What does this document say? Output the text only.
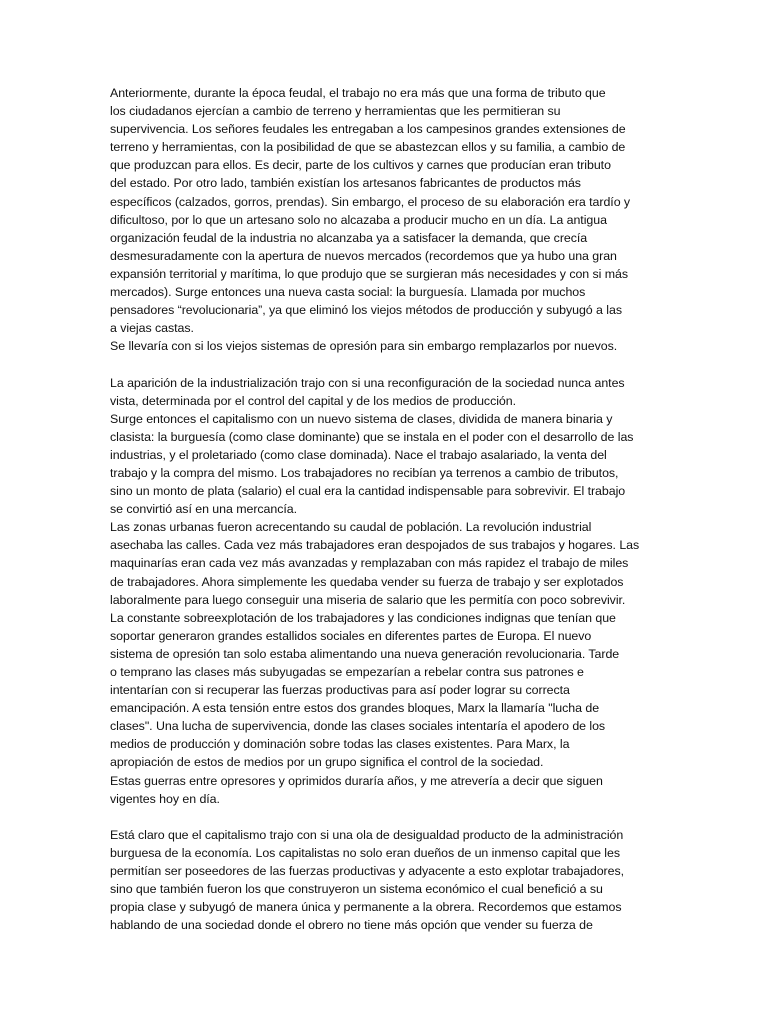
Anteriormente, durante la época feudal, el trabajo no era más que una forma de tributo que
los ciudadanos ejercían a cambio de terreno y herramientas que les permitieran su
supervivencia. Los señores feudales les entregaban a los campesinos grandes extensiones de
terreno y herramientas, con la posibilidad de que se abastezcan ellos y su familia, a cambio de
que produzcan para ellos. Es decir, parte de los cultivos y carnes que producían eran tributo
del estado. Por otro lado, también existían los artesanos fabricantes de productos más
específicos (calzados, gorros, prendas). Sin embargo, el proceso de su elaboración era tardío y
dificultoso, por lo que un artesano solo no alcazaba a producir mucho en un día. La antigua
organización feudal de la industria no alcanzaba ya a satisfacer la demanda, que crecía
desmesuradamente con la apertura de nuevos mercados (recordemos que ya hubo una gran
expansión territorial y marítima, lo que produjo que se surgieran más necesidades y con si más
mercados). Surge entonces una nueva casta social: la burguesía. Llamada por muchos
pensadores “revolucionaria”, ya que eliminó los viejos métodos de producción y subyugó a las
a viejas castas.
Se llevaría con si los viejos sistemas de opresión para sin embargo remplazarlos por nuevos.
La aparición de la industrialización trajo con si una reconfiguración de la sociedad nunca antes
vista, determinada por el control del capital y de los medios de producción.
Surge entonces el capitalismo con un nuevo sistema de clases, dividida de manera binaria y
clasista: la burguesía (como clase dominante) que se instala en el poder con el desarrollo de las
industrias, y el proletariado (como clase dominada). Nace el trabajo asalariado, la venta del
trabajo y la compra del mismo. Los trabajadores no recibían ya terrenos a cambio de tributos,
sino un monto de plata (salario) el cual era la cantidad indispensable para sobrevivir. El trabajo
se convirtió así en una mercancía.
Las zonas urbanas fueron acrecentando su caudal de población. La revolución industrial
asechaba las calles. Cada vez más trabajadores eran despojados de sus trabajos y hogares. Las
maquinarías eran cada vez más avanzadas y remplazaban con más rapidez el trabajo de miles
de trabajadores. Ahora simplemente les quedaba vender su fuerza de trabajo y ser explotados
laboralmente para luego conseguir una miseria de salario que les permitía con poco sobrevivir.
La constante sobreexplotación de los trabajadores y las condiciones indignas que tenían que
soportar generaron grandes estallidos sociales en diferentes partes de Europa. El nuevo
sistema de opresión tan solo estaba alimentando una nueva generación revolucionaria. Tarde
o temprano las clases más subyugadas se empezarían a rebelar contra sus patrones e
intentarían con si recuperar las fuerzas productivas para así poder lograr su correcta
emancipación. A esta tensión entre estos dos grandes bloques, Marx la llamaría "lucha de
clases". Una lucha de supervivencia, donde las clases sociales intentaría el apodero de los
medios de producción y dominación sobre todas las clases existentes. Para Marx, la
apropiación de estos de medios por un grupo significa el control de la sociedad.
Estas guerras entre opresores y oprimidos duraría años, y me atrevería a decir que siguen
vigentes hoy en día.
Está claro que el capitalismo trajo con si una ola de desigualdad producto de la administración
burguesa de la economía. Los capitalistas no solo eran dueños de un inmenso capital que les
permitían ser poseedores de las fuerzas productivas y adyacente a esto explotar trabajadores,
sino que también fueron los que construyeron un sistema económico el cual benefició a su
propia clase y subyugó de manera única y permanente a la obrera. Recordemos que estamos
hablando de una sociedad donde el obrero no tiene más opción que vender su fuerza de
